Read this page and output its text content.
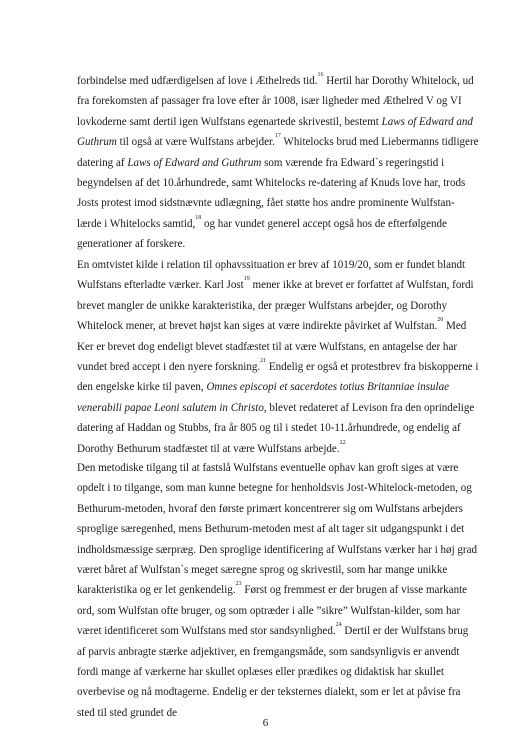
forbindelse med udfærdigelsen af love i Æthelreds tid.$^{16}$ Hertil har Dorothy Whitelock, ud fra forekomsten af passager fra love efter år 1008, især ligheder med Æthelred V og VI lovkoderne samt dertil igen Wulfstans egenartede skrivestil, bestemt Laws of Edward and Guthrum til også at være Wulfstans arbejder.$^{17}$ Whitelocks brud med Liebermanns tidligere datering af Laws of Edward and Guthrum som værende fra Edward`s regeringstid i begyndelsen af det 10.århundrede, samt Whitelocks re-datering af Knuds love har, trods Josts protest imod sidstnævnte udlægning, fået støtte hos andre prominente Wulfstan-lærde i Whitelocks samtid,$^{18}$ og har vundet generel accept også hos de efterfølgende generationer af forskere.

En omtvistet kilde i relation til ophavssituation er brev af 1019/20, som er fundet blandt Wulfstans efterladte værker. Karl Jost$^{19}$ mener ikke at brevet er forfattet af Wulfstan, fordi brevet mangler de unikke karakteristika, der præger Wulfstans arbejder, og Dorothy Whitelock mener, at brevet højst kan siges at være indirekte påvirket af Wulfstan.$^{20}$ Med Ker er brevet dog endeligt blevet stadfæstet til at være Wulfstans, en antagelse der har vundet bred accept i den nyere forskning.$^{21}$ Endelig er også et protestbrev fra biskopperne i den engelske kirke til paven, Omnes episcopi et sacerdotes totius Britanniae insulae venerabili papae Leoni salutem in Christo, blevet redateret af Levison fra den oprindelige datering af Haddan og Stubbs, fra år 805 og til i stedet 10-11.århundrede, og endelig af Dorothy Bethurum stadfæstet til at være Wulfstans arbejde.$^{22}$

Den metodiske tilgang til at fastslå Wulfstans eventuelle ophav kan groft siges at være opdelt i to tilgange, som man kunne betegne for henholdsvis Jost-Whitelock-metoden, og Bethurum-metoden, hvoraf den første primært koncentrerer sig om Wulfstans arbejders sproglige særegenhed, mens Bethurum-metoden mest af alt tager sit udgangspunkt i det indholdsmæssige særpræg. Den sproglige identificering af Wulfstans værker har i høj grad været båret af Wulfstan`s meget særegne sprog og skrivestil, som har mange unikke karakteristika og er let genkendelig.$^{23}$ Først og fremmest er der brugen af visse markante ord, som Wulfstan ofte bruger, og som optræder i alle ”sikre” Wulfstan-kilder, som har været identificeret som Wulfstans med stor sandsynlighed.$^{24}$ Dertil er der Wulfstans brug af parvis anbragte stærke adjektiver, en fremgangsmåde, som sandsynligvis er anvendt fordi mange af værkerne har skullet oplæses eller prædikes og didaktisk har skullet overbevise og nå modtagerne. Endelig er der teksternes dialekt, som er let at påvise fra sted til sted grundet de

6
